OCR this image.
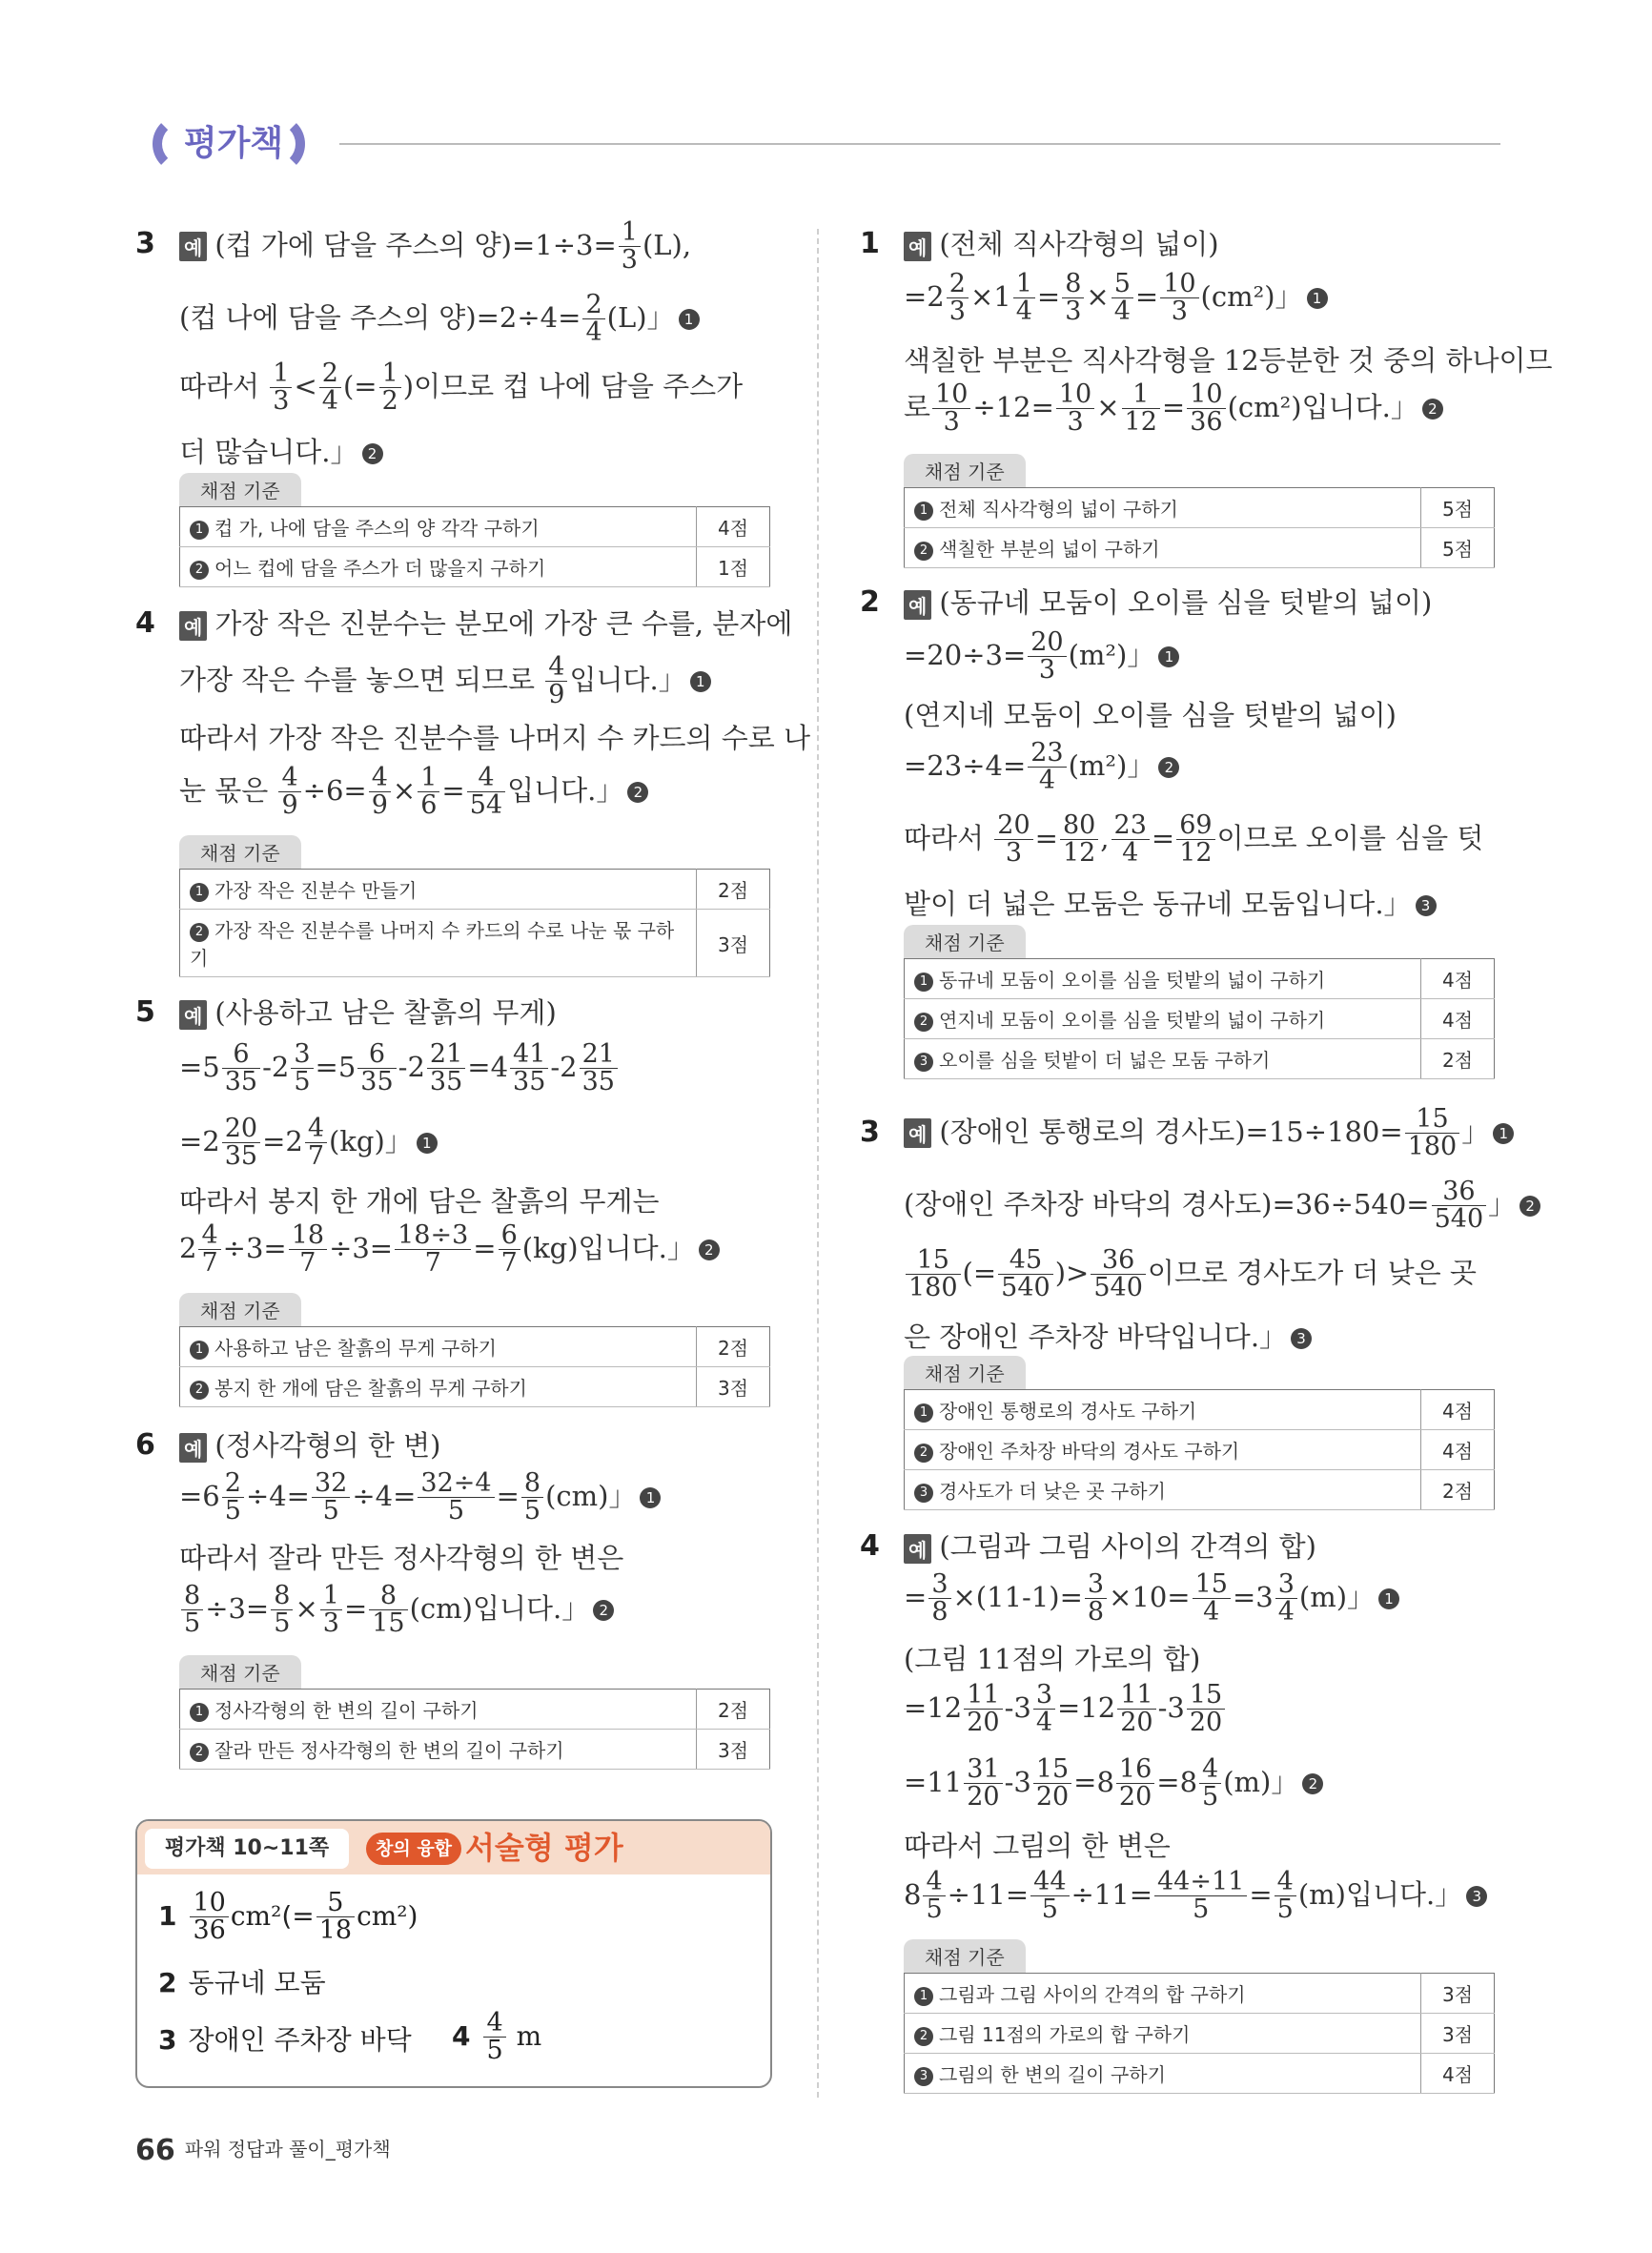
평가책
3 예 (컵 가에 담을 주스의 양)$=1\div 3= \frac{1}{3} (L)$,
(컵 나에 담을 주스의 양)$=2\div 4= \frac{2}{4} (L)$」 1
따라서 $\frac{1}{3} < \frac{2}{4}$ (= $\frac{1}{2}$ )이므로 컵 나에 담을 주스가
더 많습니다.」 2
채점 기준
1 컵 가, 나에 담을 주스의 양 각각 구하기	4점
2 어느 컵에 담을 주스가 더 많을지 구하기	1점
4 예 가장 작은 진분수는 분모에 가장 큰 수를, 분자에
가장 작은 수를 놓으면 되므로 $\frac{4}{9}$ 입니다.」 1
따라서 가장 작은 진분수를 나머지 수 카드의 수로 나
눈 몫은 $\frac{4}{9} \div 6= \frac{4}{9} \times \frac{1}{6} = \frac{4}{54}$ 입니다.」 2
채점 기준
1 가장 작은 진분수 만들기	2점
2 가장 작은 진분수를 나머지 수 카드의 수로 나눈 몫 구하기	3점
5 예 (사용하고 남은 찰흙의 무게)
$=5 \frac{6}{35} -2 \frac{3}{5} =5 \frac{6}{35} -2 \frac{21}{35} =4 \frac{41}{35} -2 \frac{21}{35}$
$=2 \frac{20}{35} =2 \frac{4}{7} (kg)$」 1
따라서 봉지 한 개에 담은 찰흙의 무게는
$2 \frac{4}{7} \div 3= \frac{18}{7} \div 3= \frac{18\div 3}{7} = \frac{6}{7} (kg)$입니다.」 2
채점 기준
1 사용하고 남은 찰흙의 무게 구하기	2점
2 봉지 한 개에 담은 찰흙의 무게 구하기	3점
6 예 (정사각형의 한 변)
$=6 \frac{2}{5} \div 4= \frac{32}{5} \div 4= \frac{32\div 4}{5} = \frac{8}{5} (cm)$」 1
따라서 잘라 만든 정사각형의 한 변은
$\frac{8}{5} \div 3= \frac{8}{5} \times \frac{1}{3} = \frac{8}{15} (cm)$입니다.」 2
채점 기준
1 정사각형의 한 변의 길이 구하기	2점
2 잘라 만든 정사각형의 한 변의 길이 구하기	3점
평가책 10~11쪽	창의 융합 서술형 평가
$1 \frac{10}{36} cm^2(= \frac{5}{18} cm^2)$
2 동규네 모둠
3 장애인 주차장 바닥 $4 \frac{4}{5}$ m
1 예 (전체 직사각형의 넓이)
$=2 \frac{2}{3} \times 1 \frac{1}{4} = \frac{8}{3} \times \frac{5}{4} = \frac{10}{3} (cm^2)$」 1
색칠한 부분은 직사각형을 12등분한 것 중의 하나이므
로 $\frac{10}{3} \div 12= \frac{10}{3} \times \frac{1}{12} = \frac{10}{36} (cm^2)$입니다.」 2
채점 기준
1 전체 직사각형의 넓이 구하기	5점
2 색칠한 부분의 넓이 구하기	5점
2 예 (동규네 모둠이 오이를 심을 텃밭의 넓이)
$=20\div 3= \frac{20}{3} (m^2)$」 1
(연지네 모둠이 오이를 심을 텃밭의 넓이)
$=23\div 4= \frac{23}{4} (m^2)$」 2
따라서 $\frac{20}{3} = \frac{80}{12}$ , $\frac{23}{4} = \frac{69}{12}$ 이므로 오이를 심을 텃
밭이 더 넓은 모둠은 동규네 모둠입니다.」 3
채점 기준
1 동규네 모둠이 오이를 심을 텃밭의 넓이 구하기	4점
2 연지네 모둠이 오이를 심을 텃밭의 넓이 구하기	4점
3 오이를 심을 텃밭이 더 넓은 모둠 구하기	2점
3 예 (장애인 통행로의 경사도)$=15\div 180= \frac{15}{180}$ 」 1
(장애인 주차장 바닥의 경사도)$=36\div 540= \frac{36}{540}$ 」 2
$\frac{15}{180}$ (= $\frac{45}{540}$ )> $\frac{36}{540}$ 이므로 경사도가 더 낮은 곳
은 장애인 주차장 바닥입니다.」 3
채점 기준
1 장애인 통행로의 경사도 구하기	4점
2 장애인 주차장 바닥의 경사도 구하기	4점
3 경사도가 더 낮은 곳 구하기	2점
4 예 (그림과 그림 사이의 간격의 합)
= $\frac{3}{8} \times(11-1)= \frac{3}{8} \times 10= \frac{15}{4} =3 \frac{3}{4} (m)$」 1
(그림 11점의 가로의 합)
$=12 \frac{11}{20} -3 \frac{3}{4} =12 \frac{11}{20} -3 \frac{15}{20}$
$=11 \frac{31}{20} -3 \frac{15}{20} =8 \frac{16}{20} =8 \frac{4}{5} (m)$」 2
따라서 그림의 한 변은
$8 \frac{4}{5} \div 11= \frac{44}{5} \div 11= \frac{44\div 11}{5} = \frac{4}{5} (m)$입니다.」 3
채점 기준
1 그림과 그림 사이의 간격의 합 구하기	3점
2 그림 11점의 가로의 합 구하기	3점
3 그림의 한 변의 길이 구하기	4점
66 파워 정답과 풀이_평가책
